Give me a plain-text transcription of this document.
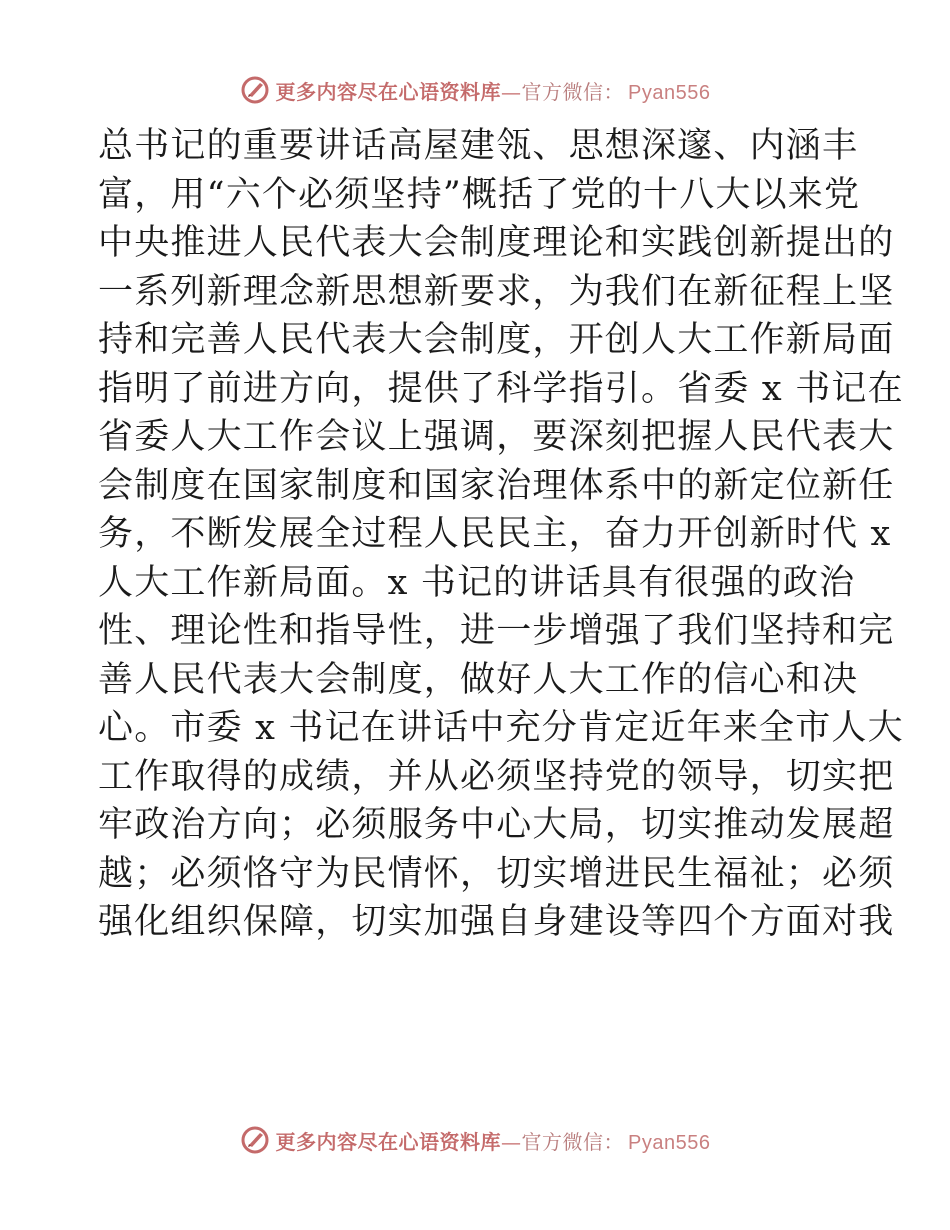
更多内容尽在心语资料库—官方微信： Pyan556
总书记的重要讲话高屋建瓴、思想深邃、内涵丰
富，用“六个必须坚持”概括了党的十八大以来党
中央推进人民代表大会制度理论和实践创新提出的
一系列新理念新思想新要求，为我们在新征程上坚
持和完善人民代表大会制度，开创人大工作新局面
指明了前进方向，提供了科学指引。省委 x 书记在
省委人大工作会议上强调，要深刻把握人民代表大
会制度在国家制度和国家治理体系中的新定位新任
务，不断发展全过程人民民主，奋力开创新时代 x
人大工作新局面。x 书记的讲话具有很强的政治
性、理论性和指导性，进一步增强了我们坚持和完
善人民代表大会制度，做好人大工作的信心和决
心。市委 x 书记在讲话中充分肯定近年来全市人大
工作取得的成绩，并从必须坚持党的领导，切实把
牢政治方向；必须服务中心大局，切实推动发展超
越；必须恪守为民情怀，切实增进民生福祉；必须
强化组织保障，切实加强自身建设等四个方面对我
更多内容尽在心语资料库—官方微信： Pyan556
